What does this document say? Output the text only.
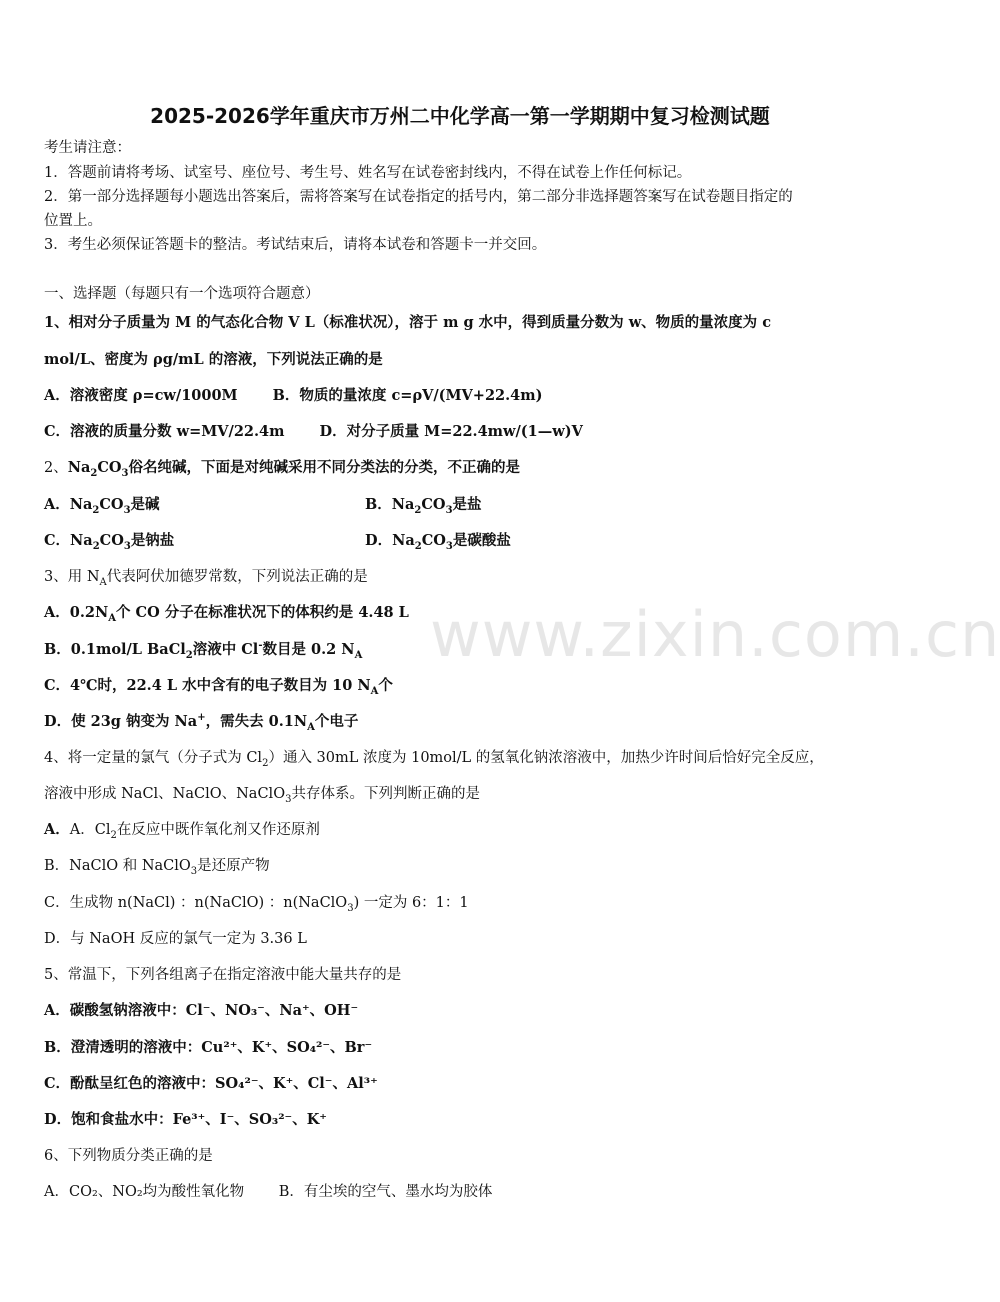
2025-2026学年重庆市万州二中化学高一第一学期期中复习检测试题
考生请注意：
1．答题前请将考场、试室号、座位号、考生号、姓名写在试卷密封线内，不得在试卷上作任何标记。
2．第一部分选择题每小题选出答案后，需将答案写在试卷指定的括号内，第二部分非选择题答案写在试卷题目指定的
位置上。
3．考生必须保证答题卡的整洁。考试结束后，请将本试卷和答题卡一并交回。
一、选择题（每题只有一个选项符合题意）
1、相对分子质量为 M 的气态化合物 V L（标准状况），溶于 m g 水中，得到质量分数为 w、物质的量浓度为 c
mol/L、密度为 ρg/mL 的溶液，下列说法正确的是
A．溶液密度 ρ=cw/1000M B．物质的量浓度 c=ρV/(MV+22.4m)
C．溶液的质量分数 w=MV/22.4m D．对分子质量 M=22.4mw/(1—w)V
2、$Na_2CO_3$俗名纯碱，下面是对纯碱采用不同分类法的分类，不正确的是
A．$Na_2CO_3$是碱	B．$Na_2CO_3$是盐
C．$Na_2CO_3$是钠盐	D．$Na_2CO_3$是碳酸盐
3、用 $N_A$代表阿伏加德罗常数，下列说法正确的是
A．$0.2N_A$个 CO 分子在标准状况下的体积约是 4.48 L
B．0.1mol/L BaCl$_2$溶液中 Cl-数目是 0.2 $N_A$
C．4℃时，22.4 L 水中含有的电子数目为 10 $N_A$个
D．使 23g 钠变为 Na+，需失去 $0.1N_A$个电子
4、将一定量的氯气（分子式为 $Cl_2$）通入 30mL 浓度为 10mol/L 的氢氧化钠浓溶液中，加热少许时间后恰好完全反应，
溶液中形成 NaCl、NaClO、NaClO$_3$共存体系。下列判断正确的是
A．A．$Cl_2$在反应中既作氧化剂又作还原剂
B．NaClO 和 NaClO$_3$是还原产物
C．生成物 n(NaCl) ：n(NaClO) ：n(NaClO$_3$) 一定为 6：1：1
D．与 NaOH 反应的氯气一定为 3.36 L
5、常温下，下列各组离子在指定溶液中能大量共存的是
A．碳酸氢钠溶液中：Cl⁻、NO₃⁻、Na⁺、OH⁻
B．澄清透明的溶液中：Cu²⁺、K⁺、SO₄²⁻、Br⁻
C．酚酞呈红色的溶液中：SO₄²⁻、K⁺、Cl⁻、Al³⁺
D．饱和食盐水中：Fe³⁺、I⁻、SO₃²⁻、K⁺
6、下列物质分类正确的是
A．CO₂、NO₂均为酸性氧化物 B．有尘埃的空气、墨水均为胶体
www.zixin.com.cn
